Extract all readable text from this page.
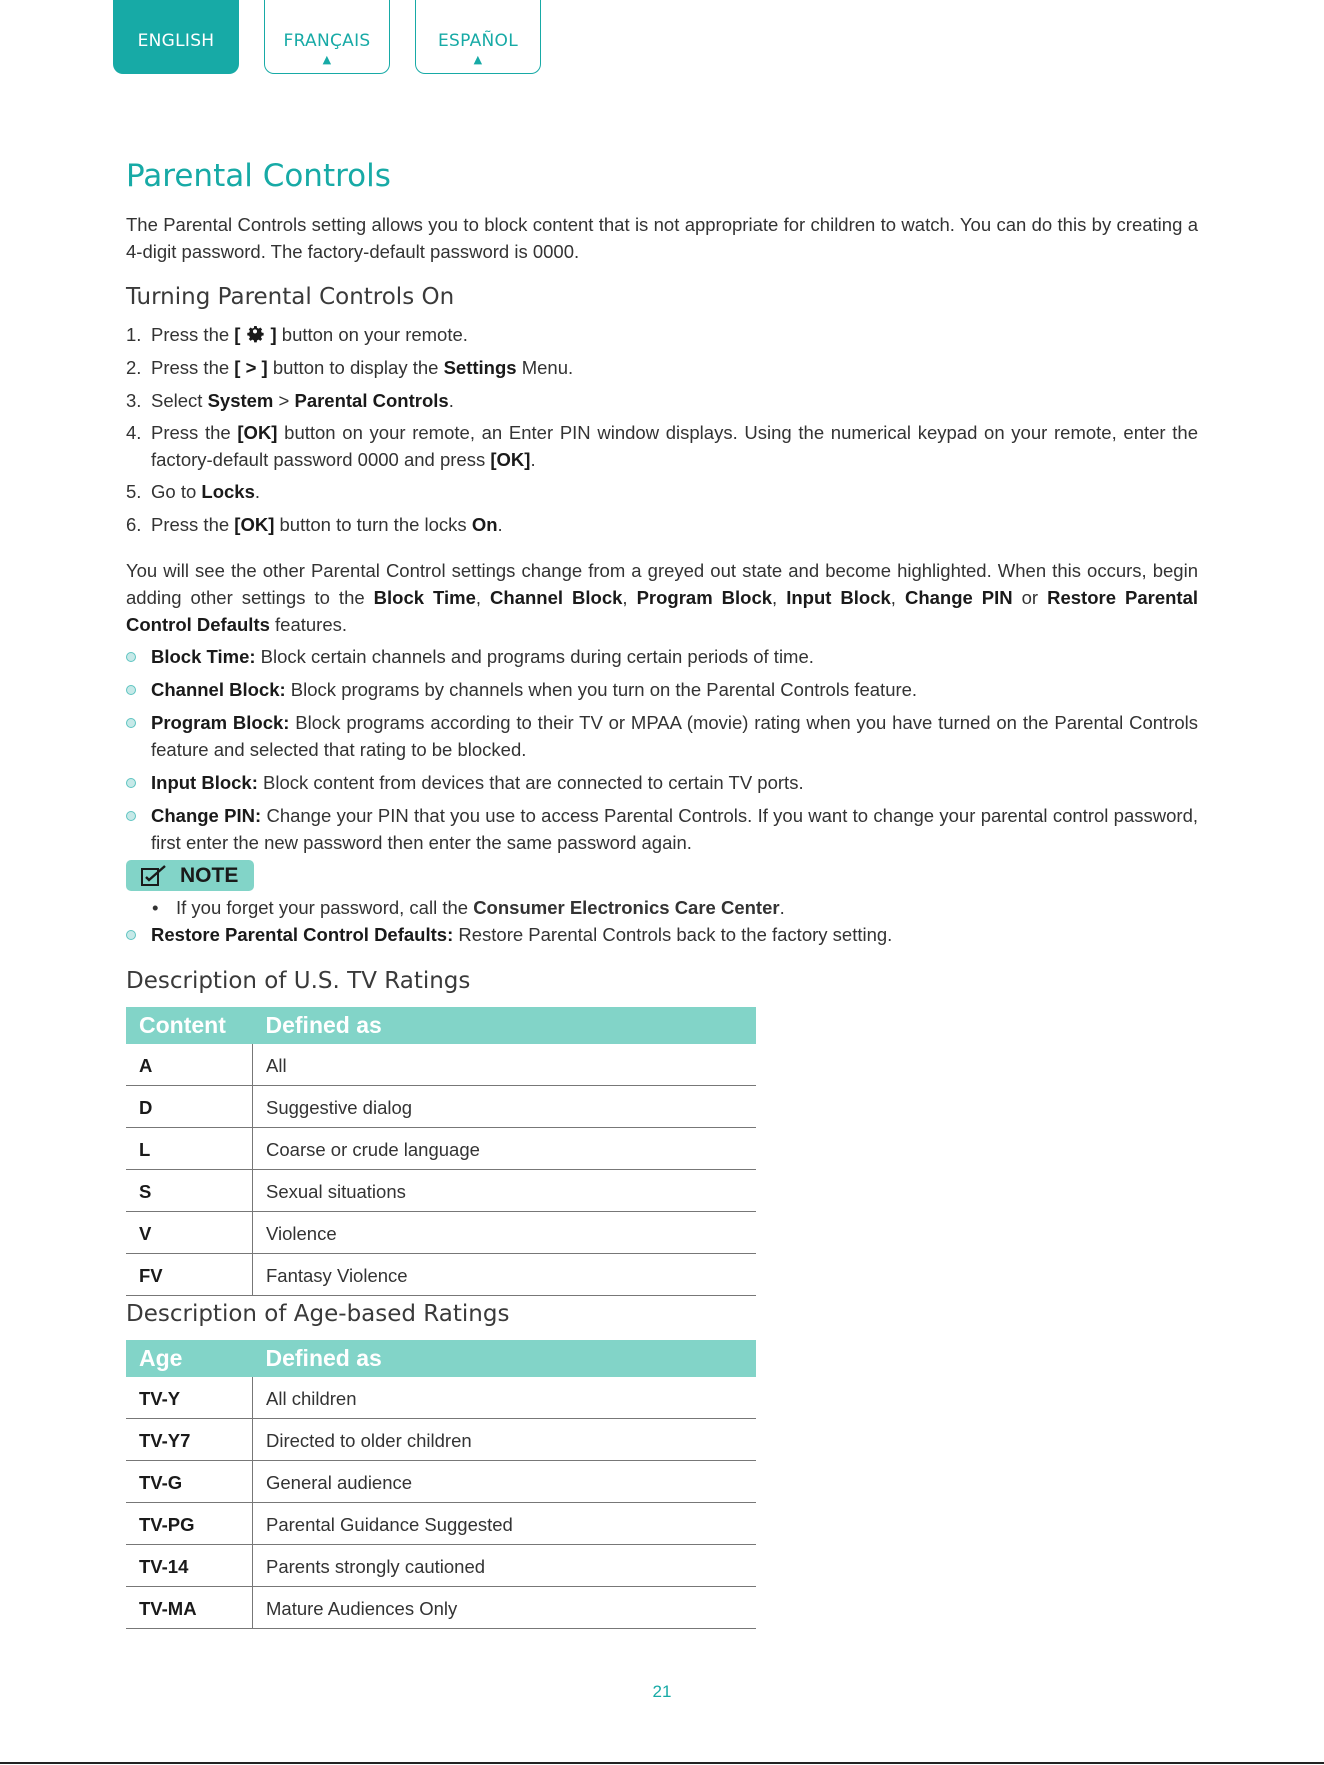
ENGLISH	FRANÇAIS
▲
ESPAÑOL
▲
Parental Controls

The Parental Controls setting allows you to block content that is not appropriate for children to watch. You can do this by creating a 4-digit password. The factory-default password is 0000.

Turning Parental Controls On
1. Press the [ ] button on your remote.
2. Press the [ > ] button to display the Settings Menu.
3. Select System > Parental Controls.
4. Press the [OK] button on your remote, an Enter PIN window displays. Using the numerical keypad on your remote, enter the factory-default password 0000 and press [OK].
5. Go to Locks.
6. Press the [OK] button to turn the locks On.

You will see the other Parental Control settings change from a greyed out state and become highlighted. When this occurs, begin adding other settings to the Block Time, Channel Block, Program Block, Input Block, Change PIN or Restore Parental Control Defaults features.

Block Time: Block certain channels and programs during certain periods of time.
Channel Block: Block programs by channels when you turn on the Parental Controls feature.
Program Block: Block programs according to their TV or MPAA (movie) rating when you have turned on the Parental Controls feature and selected that rating to be blocked.
Input Block: Block content from devices that are connected to certain TV ports.
Change PIN: Change your PIN that you use to access Parental Controls. If you want to change your parental control password, first enter the new password then enter the same password again.
NOTE
• If you forget your password, call the Consumer Electronics Care Center.
Restore Parental Control Defaults: Restore Parental Controls back to the factory setting.
Description of U.S. TV Ratings
Content	Defined as
A	All
D	Suggestive dialog
L	Coarse or crude language
S	Sexual situations
V	Violence
FV	Fantasy Violence
Description of Age-based Ratings
Age	Defined as
TV-Y	All children
TV-Y7	Directed to older children
TV-G	General audience
TV-PG	Parental Guidance Suggested
TV-14	Parents strongly cautioned
TV-MA	Mature Audiences Only
21
